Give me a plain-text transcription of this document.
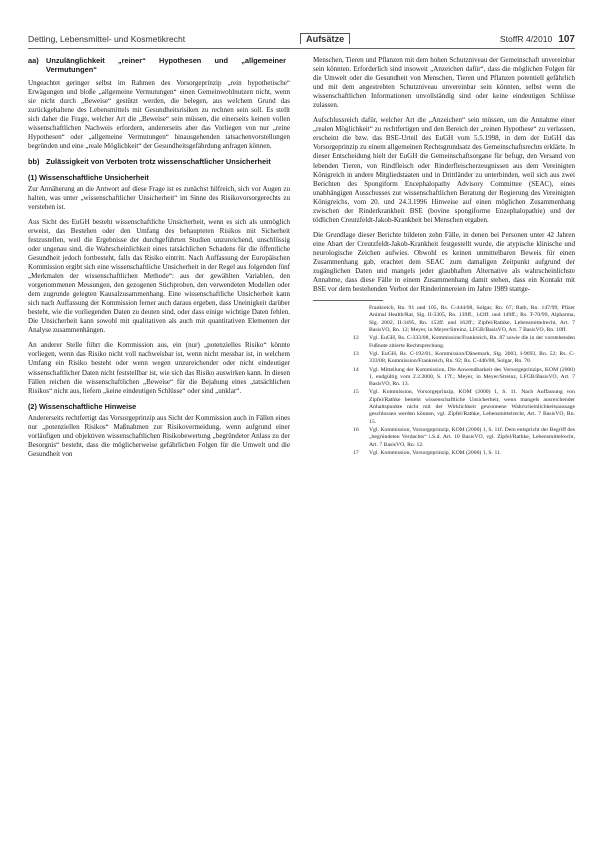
Detting, Lebensmittel- und Kosmetikrecht	Aufsätze	StoffR 4/2010 107
aa) Unzulänglichkeit „reiner“ Hypothesen und „allgemeiner Vermutungen“

Ungeachtet geringer selbst im Rahmen des Vorsorgeprinzip „rein hypothetische“ Erwägungen und bloße „allgemeine Vermutungen“ einen Gemeinwohlnutzen nicht, wenn sie nicht durch „Beweise“ gestützt werden, die belegen, aus welchem Grund das zurückgehaltene des Lebensmittels mit Gesundheitsrisiken zu rechnen sein soll. Es stellt sich daher die Frage, welcher Art die „Beweise“ sein müssen, die einerseits keinen vollen wissenschaftlichen Nachweis erfordern, andererseits aber das Vorliegen von nur „reine Hypothesen“ oder „allgemeine Vermutungen“ hinausgehenden tatsachenvorstellungen begründen und eine „reale Möglichkeit“ der Gesundheitsgefährdung anfragen können.

bb) Zulässigkeit von Verboten trotz wissenschaftlicher Unsicherheit
(1) Wissenschaftliche Unsicherheit

Zur Annäherung an die Antwort auf diese Frage ist es zunächst hilfreich, sich vor Augen zu halten, was unter „wissenschaftlicher Unsicherheit“ im Sinne des Risikovorsorgerechts zu verstehen ist.

Aus Sicht des EuGH besteht wissenschaftliche Unsicherheit, wenn es sich als unmöglich erweist, das Bestehen oder den Umfang des behaupteten Risikos mit Sicherheit festzustellen, weil die Ergebnisse der durchgeführten Studien unzureichend, unschlüssig oder ungenau sind, die Wahrscheinlichkeit eines tatsächlichen Schadens für die öffentliche Gesundheit jedoch fortbesteht, falls das Risiko eintritt. Nach Auffassung der Europäischen Kommission ergibt sich eine wissenschaftliche Unsicherheit in der Regel aus folgenden fünf „Merkmalen der wissenschaftlichen Methode“: aus der gewählten Variablen, den vorgenommenen Messungen, den gezogenen Stichproben, den verwendeten Modellen oder dem zugrunde gelegten Kausalzusammenhang. Eine wissenschaftliche Unsicherheit kann sich nach Auffassung der Kommission ferner auch daraus ergeben, dass Uneinigkeit darüber besteht, wie die vorliegenden Daten zu deuten sind, oder dass einige wichtige Daten fehlen. Die Unsicherheit kann sowohl mit qualitativen als auch mit quantitativen Elementen der Analyse zusammenhängen.

An anderer Stelle führt die Kommission aus, ein (nur) „potenzielles Risiko“ könnte vorliegen, wenn das Risiko nicht voll nachweisbar ist, wenn nicht messbar ist, in welchem Umfang ein Risiko besteht oder wenn wegen unzureichender oder nicht eindeutiger wissenschaftlicher Daten nicht feststellbar ist, wie sich das Risiko auswirken kann. In diesen Fällen reichen die wissenschaftlichen „Beweise“ für die Bejahung eines „tatsächlichen Risikos“ nicht aus, liefern „keine eindeutigen Schlüsse“ oder sind „unklar“.

(2) Wissenschaftliche Hinweise

Andererseits rechtfertigt das Vorsorgeprinzip aus Sicht der Kommission auch in Fällen eines nur „potenziellen Risikos“ Maßnahmen zur Risikovermeidung, wenn aufgrund einer vorläufigen und objektiven wissenschaftlichen Risikobewertung „begründeter Anlass zu der Besorgnis“ besteht, dass die möglicherweise gefährlichen Folgen für die Umwelt und die Gesundheit von

Menschen, Tieren und Pflanzen mit dem hohen Schutzniveau der Gemeinschaft unvereinbar sein könnten. Erforderlich sind insoweit „Anzeichen dafür“, dass die möglichen Folgen für die Umwelt oder die Gesundheit von Menschen, Tieren und Pflanzen potentiell gefährlich und mit dem angestrebten Schutzniveau unvereinbar sein könnten, selbst wenn die wissenschaftlichen Informationen unvollständig sind oder keine eindeutigen Schlüsse zulassen.

Aufschlussreich dafür, welcher Art die „Anzeichen“ sein müssen, um die Annahme einer „realen Möglichkeit“ zu rechtfertigen und den Bereich der „reinen Hypothese“ zu verlassen, erscheint die bzw. das BSE-Urteil des EuGH vom 5.5.1998, in dem der EuGH das Vorsorgeprinzip zu einem allgemeinen Rechtsgrundsatz des Gemeinschaftsrechts erklärte. In dieser Entscheidung hielt der EuGH die Gemeinschaftsorgane für befugt, den Versand von lebenden Tieren, von Rindfleisch oder Rinderfleischerzeugnissen aus dem Vereinigten Königreich in andere Mitgliedstaaten und in Drittländer zu unterbinden, weil sich aus zwei Berichten des Spongiform Encephalopathy Advisory Committee (SEAC), eines unabhängigen Ausschusses zur wissenschaftlichen Beratung der Regierung des Vereinigten Königreichs, vom 20. und 24.3.1996 Hinweise auf einen möglichen Zusammenhang zwischen der Rinderkrankheit BSE (bovine spongiforme Enzephalopathie) und der tödlichen Creutzfeldt-Jakob-Krankheit bei Menschen ergaben.

Die Grundlage dieser Berichte bildeten zehn Fälle, in denen bei Personen unter 42 Jahren eine Abart der Creutzfeldt-Jakob-Krankheit festgestellt wurde, die atypische klinische und neurologische Zeichen aufwies. Obwohl es keinen unmittelbaren Beweis für einen Zusammenhang gab, erachtet dem SEAC zum damaligen Zeitpunkt aufgrund der zugänglichen Daten und mangels jeder glaubhaften Alternative als wahrscheinlichste Annahme, dass diese Fälle in einem Zusammenhang damit stehen, dass ein Kontakt mit BSE vor dem bestehenden Verbot der Rinderinnereien im Jahre 1989 stattge-

Frankreich, Rn. 91 und 105, Rs. C-444/08, Solgar, Rn. 67; Rath, Rn. 147/99, Pfizer Animal Health/Rat, Slg. II-3305, Rn. 139ff., 143ff. und 149ff.; Rs. T-70/99, Alpharma, Slg. 2002, II-3495, Rn. 152ff. und 162ff.; Zipfel/Rathke, Lebensmittelrecht, Art. 7 BasisVO, Rn. 12; Meyer, in Meyer/Streinz, LFGB/BasisVO, Art. 7 BasisVO, Rn. 10ff.
12 Vgl. EuGH, Rs. C-333/08, Kommission/Frankreich, Rn. 87 sowie die in der vorstehenden Fußnote zitierte Rechtsprechung.
13 Vgl. EuGH, Rs. C-192/01, Kommission/Dänemark, Slg. 2003, I-9693, Rn. 52; Rs. C-333/08, Kommission/Frankreich, Rn. 92; Rs. C-446/08, Solgar, Rn. 70.
14 Vgl. Mitteilung der Kommission, Die Anwendbarkeit des Vorsorgeprinzips, KOM (2000) 1, endgültig vom 2.2.2000, S. 17f.; Meyer, in Meyer/Streinz, LFGB/BasisVO, Art. 7 BasisVO, Rn. 13.
15 Vgl. Kommission, Vorsorgeprinzip, KOM (2000) 1, S. 11. Nach Auffassung von Zipfel/Rathke besteht wissenschaftliche Unsicherheit, wenn mangels ausreichender Anhaltspunkte nicht mit der Wirklichkeit gewonnene Wahrscheinlichkeitsaussage geschlossen werden können, vgl. Zipfel/Rathke, Lebensmittelrecht, Art. 7 BasisVO, Rn. 15.
16 Vgl. Kommission, Vorsorgeprinzip, KOM (2000) 1, S. 11f. Dem entspricht der Begriff des „begründeten Verdachts“ i.S.d. Art. 10 BasisVO, vgl. Zipfel/Rathke, Lebensmittelrecht, Art. 7 BasisVO, Rn. 12.
17 Vgl. Kommission, Vorsorgeprinzip, KOM (2000) 1, S. 11.
